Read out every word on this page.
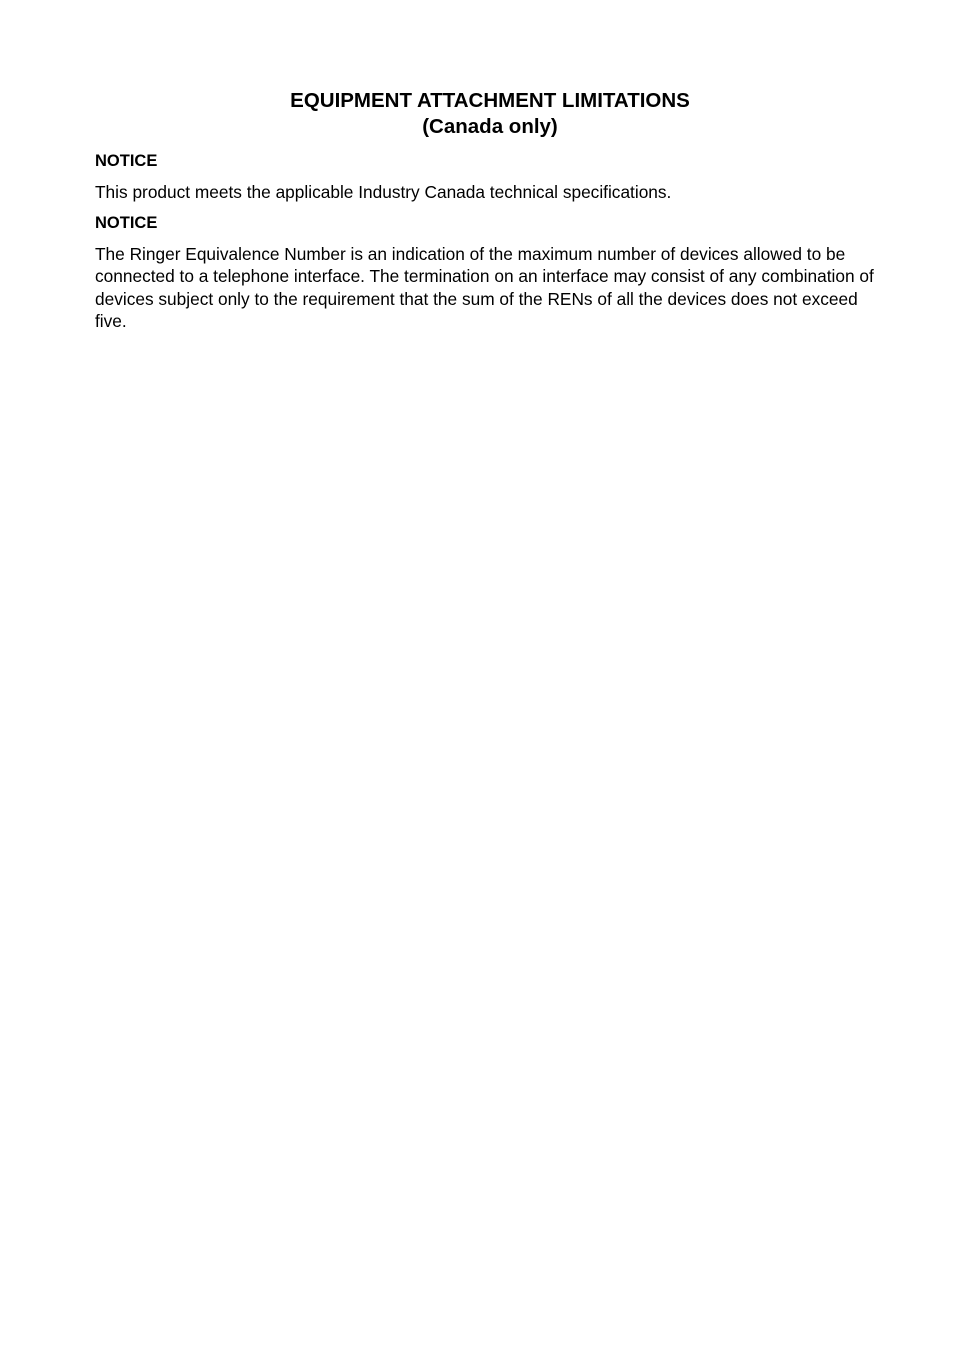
EQUIPMENT ATTACHMENT LIMITATIONS
(Canada only)
NOTICE

This product meets the applicable Industry Canada technical specifications.

NOTICE

The Ringer Equivalence Number is an indication of the maximum number of devices allowed to be connected to a telephone interface. The termination on an interface may consist of any combination of devices subject only to the requirement that the sum of the RENs of all the devices does not exceed five.
